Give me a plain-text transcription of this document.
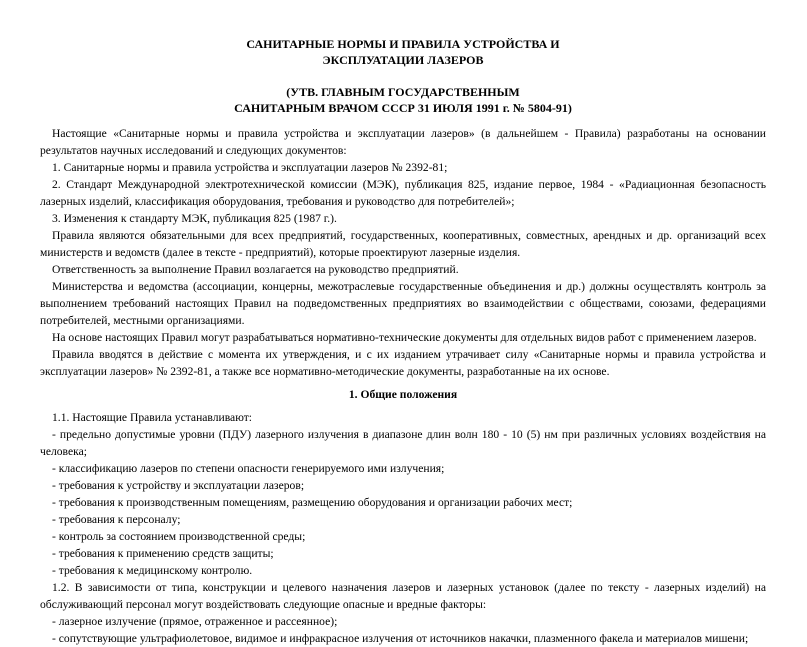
САНИТАРНЫЕ НОРМЫ И ПРАВИЛА УСТРОЙСТВА И
ЭКСПЛУАТАЦИИ ЛАЗЕРОВ
(УТВ. ГЛАВНЫМ ГОСУДАРСТВЕННЫМ
САНИТАРНЫМ ВРАЧОМ СССР 31 ИЮЛЯ 1991 г. № 5804-91)

Настоящие «Санитарные нормы и правила устройства и эксплуатации лазеров» (в дальнейшем - Правила) разработаны на основании результатов научных исследований и следующих документов:

1. Санитарные нормы и правила устройства и эксплуатации лазеров № 2392-81;

2. Стандарт Международной электротехнической комиссии (МЭК), публикация 825, издание первое, 1984 - «Радиационная безопасность лазерных изделий, классификация оборудования, требования и руководство для потребителей»;

3. Изменения к стандарту МЭК, публикация 825 (1987 г.).

Правила являются обязательными для всех предприятий, государственных, кооперативных, совместных, арендных и др. организаций всех министерств и ведомств (далее в тексте - предприятий), которые проектируют лазерные изделия.

Ответственность за выполнение Правил возлагается на руководство предприятий.

Министерства и ведомства (ассоциации, концерны, межотраслевые государственные объединения и др.) должны осуществлять контроль за выполнением требований настоящих Правил на подведомственных предприятиях во взаимодействии с обществами, союзами, федерациями потребителей, местными организациями.

На основе настоящих Правил могут разрабатываться нормативно-технические документы для отдельных видов работ с применением лазеров.

Правила вводятся в действие с момента их утверждения, и с их изданием утрачивает силу «Санитарные нормы и правила устройства и эксплуатации лазеров» № 2392-81, а также все нормативно-методические документы, разработанные на их основе.

1. Общие положения

1.1. Настоящие Правила устанавливают:

- предельно допустимые уровни (ПДУ) лазерного излучения в диапазоне длин волн 180 - 10 (5) нм при различных условиях воздействия на человека;
- классификацию лазеров по степени опасности генерируемого ими излучения;
- требования к устройству и эксплуатации лазеров;
- требования к производственным помещениям, размещению оборудования и организации рабочих мест;
- требования к персоналу;
- контроль за состоянием производственной среды;
- требования к применению средств защиты;
- требования к медицинскому контролю.

1.2. В зависимости от типа, конструкции и целевого назначения лазеров и лазерных установок (далее по тексту - лазерных изделий) на обслуживающий персонал могут воздействовать следующие опасные и вредные факторы:

- лазерное излучение (прямое, отраженное и рассеянное);
- сопутствующие ультрафиолетовое, видимое и инфракрасное излучения от источников накачки, плазменного факела и материалов мишени;
